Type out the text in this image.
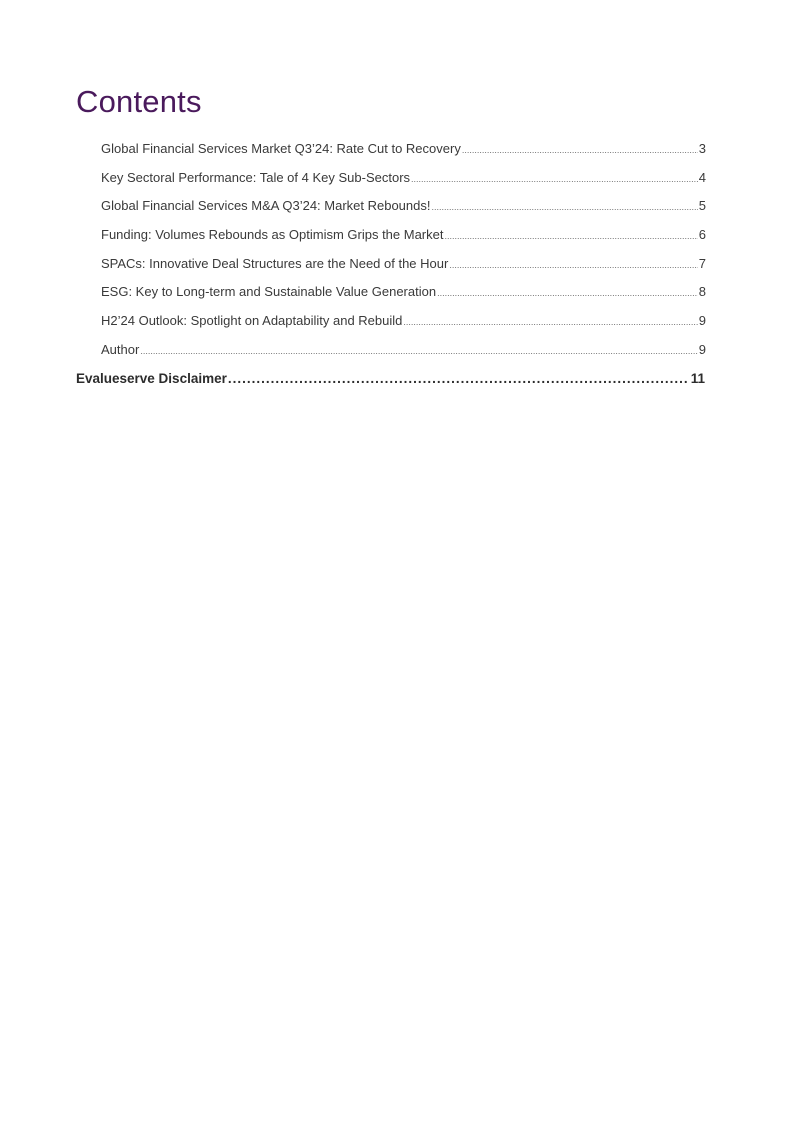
Contents
Global Financial Services Market Q3’24: Rate Cut to Recovery .....	3
Key Sectoral Performance: Tale of 4 Key Sub-Sectors .....	4
Global Financial Services M&A Q3’24: Market Rebounds! .....	5
Funding: Volumes Rebounds as Optimism Grips the Market .....	6
SPACs: Innovative Deal Structures are the Need of the Hour .....	7
ESG: Key to Long-term and Sustainable Value Generation .....	8
H2’24 Outlook: Spotlight on Adaptability and Rebuild .....	9
Author .....	9
Evalueserve Disclaimer .....	11
